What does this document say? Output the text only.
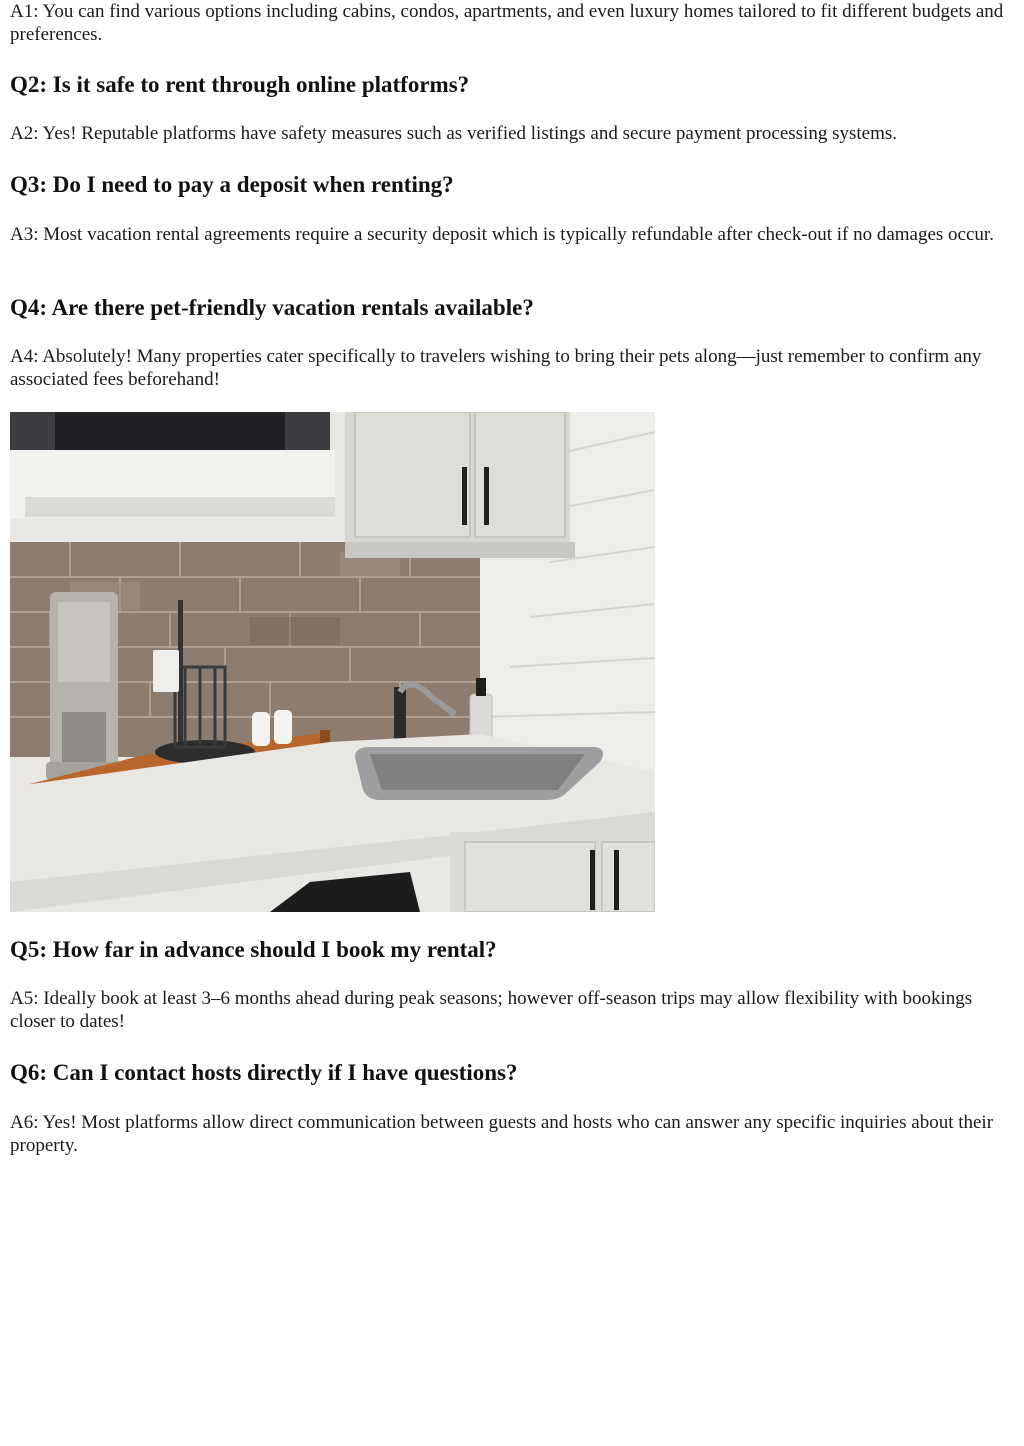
A1: You can find various options including cabins, condos, apartments, and even luxury homes tailored to fit different budgets and preferences.

Q2: Is it safe to rent through online platforms?

A2: Yes! Reputable platforms have safety measures such as verified listings and secure payment processing systems.

Q3: Do I need to pay a deposit when renting?

A3: Most vacation rental agreements require a security deposit which is typically refundable after check-out if no damages occur.

Q4: Are there pet-friendly vacation rentals available?

A4: Absolutely! Many properties cater specifically to travelers wishing to bring their pets along—just remember to confirm any associated fees beforehand!

Q5: How far in advance should I book my rental?

A5: Ideally book at least 3–6 months ahead during peak seasons; however off-season trips may allow flexibility with bookings closer to dates!

Q6: Can I contact hosts directly if I have questions?

A6: Yes! Most platforms allow direct communication between guests and hosts who can answer any specific inquiries about their property.
